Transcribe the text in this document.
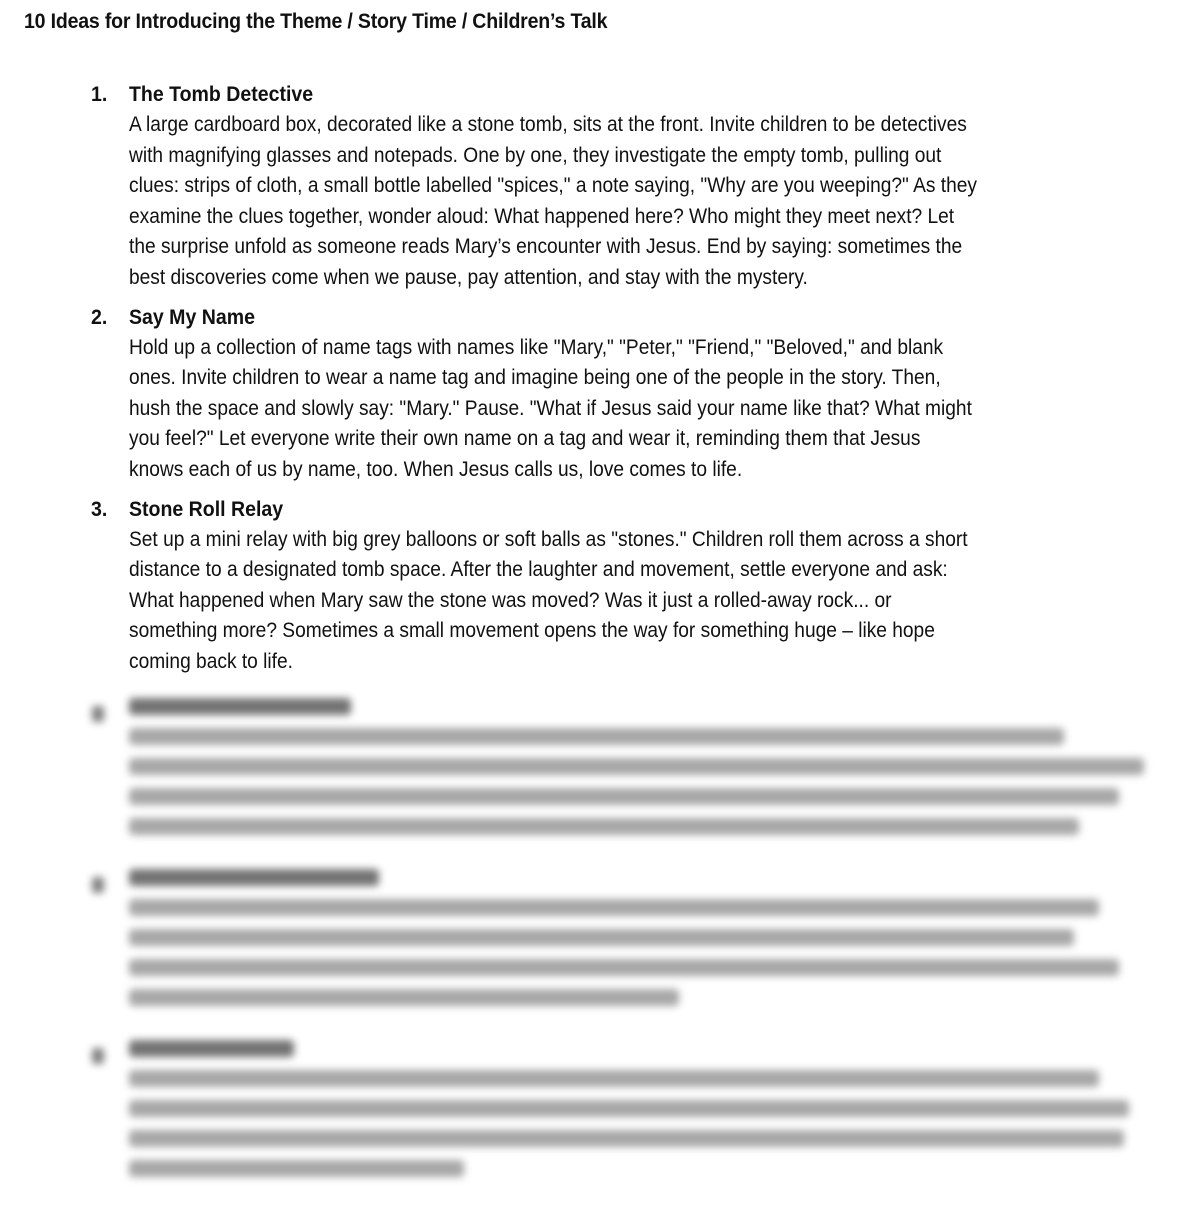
10 Ideas for Introducing the Theme / Story Time / Children’s Talk
1. The Tomb Detective
A large cardboard box, decorated like a stone tomb, sits at the front. Invite children to be detectives
with magnifying glasses and notepads. One by one, they investigate the empty tomb, pulling out
clues: strips of cloth, a small bottle labelled "spices," a note saying, "Why are you weeping?" As they
examine the clues together, wonder aloud: What happened here? Who might they meet next? Let
the surprise unfold as someone reads Mary’s encounter with Jesus. End by saying: sometimes the
best discoveries come when we pause, pay attention, and stay with the mystery.
2. Say My Name
Hold up a collection of name tags with names like "Mary," "Peter," "Friend," "Beloved," and blank
ones. Invite children to wear a name tag and imagine being one of the people in the story. Then,
hush the space and slowly say: "Mary." Pause. "What if Jesus said your name like that? What might
you feel?" Let everyone write their own name on a tag and wear it, reminding them that Jesus
knows each of us by name, too. When Jesus calls us, love comes to life.
3. Stone Roll Relay
Set up a mini relay with big grey balloons or soft balls as "stones." Children roll them across a short
distance to a designated tomb space. After the laughter and movement, settle everyone and ask:
What happened when Mary saw the stone was moved? Was it just a rolled-away rock... or
something more? Sometimes a small movement opens the way for something huge – like hope
coming back to life.
